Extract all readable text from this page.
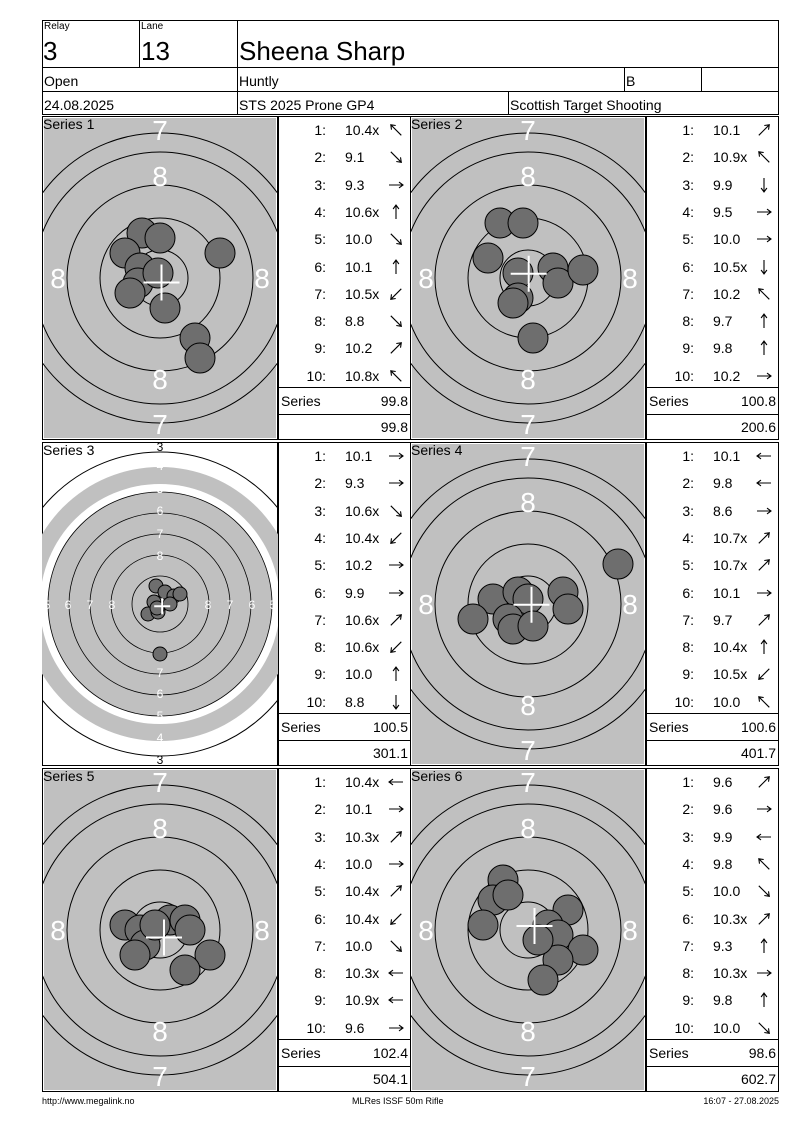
Relay
3
Lane
13	Sheena Sharp
Open	Huntly	B
24.08.2025	STS 2025 Prone GP4	Scottish Target Shooting
7
8
8	8
8
7
Series 1	1: 10.4x
2: 9.1
3: 9.3
4: 10.6x
5: 10.0
6: 10.1
7: 10.5x
8: 8.8
9: 10.2
10: 10.8x
Series	99.8
99.8
7
8
8	8
8
7
Series 2	1: 10.1
2: 10.9x
3: 9.9
4: 9.5
5: 10.0
6: 10.5x
7: 10.2
8: 9.7
9: 9.8
10: 10.2
Series	100.8
200.6
3
4
5
6
7
8
7
6
5
4
3
5 6 7 8	8 7 6 5
Series 3	1: 10.1
2: 9.3
3: 10.6x
4: 10.4x
5: 10.2
6: 9.9
7: 10.6x
8: 10.6x
9: 10.0
10: 8.8
Series	100.5
301.1
7
8
8	8
8
7
Series 4	1: 10.1
2: 9.8
3: 8.6
4: 10.7x
5: 10.7x
6: 10.1
7: 9.7
8: 10.4x
9: 10.5x
10: 10.0
Series	100.6
401.7
7
8
8	8
8
7
Series 5	1: 10.4x
2: 10.1
3: 10.3x
4: 10.0
5: 10.4x
6: 10.4x
7: 10.0
8: 10.3x
9: 10.9x
10: 9.6
Series	102.4
504.1
7
8
8	8
8
7
Series 6	1: 9.6
2: 9.6
3: 9.9
4: 9.8
5: 10.0
6: 10.3x
7: 9.3
8: 10.3x
9: 9.8
10: 10.0
Series	98.6
602.7
http://www.megalink.no	MLRes ISSF 50m Rifle	16:07 - 27.08.2025
